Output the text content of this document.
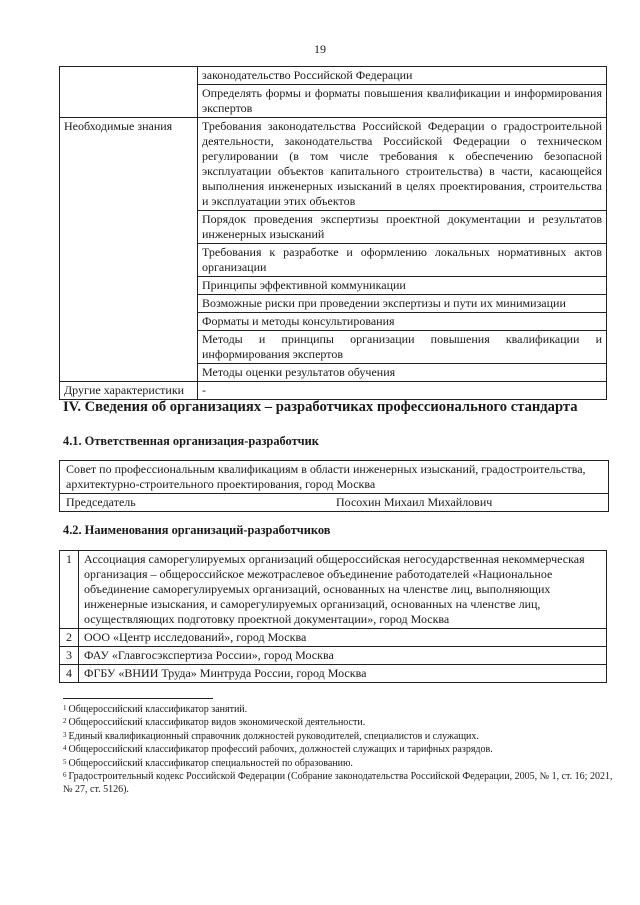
19
	законодательство Российской Федерации
	Определять формы и форматы повышения квалификации и информирования экспертов
Необходимые знания	Требования законодательства Российской Федерации о градостроительной деятельности, законодательства Российской Федерации о техническом регулировании (в том числе требования к обеспечению безопасной эксплуатации объектов капитального строительства) в части, касающейся выполнения инженерных изысканий в целях проектирования, строительства и эксплуатации этих объектов
	Порядок проведения экспертизы проектной документации и результатов инженерных изысканий
	Требования к разработке и оформлению локальных нормативных актов организации
	Принципы эффективной коммуникации
	Возможные риски при проведении экспертизы и пути их минимизации
	Форматы и методы консультирования
	Методы и принципы организации повышения квалификации и информирования экспертов
	Методы оценки результатов обучения
Другие характеристики	-
IV. Сведения об организациях – разработчиках профессионального стандарта
4.1. Ответственная организация-разработчик
Совет по профессиональным квалификациям в области инженерных изысканий, градостроительства, архитектурно-строительного проектирования, город Москва
Председатель	Посохин Михаил Михайлович
4.2. Наименования организаций-разработчиков
1	Ассоциация саморегулируемых организаций общероссийская негосударственная некоммерческая организация – общероссийское межотраслевое объединение работодателей «Национальное объединение саморегулируемых организаций, основанных на членстве лиц, выполняющих инженерные изыскания, и саморегулируемых организаций, основанных на членстве лиц, осуществляющих подготовку проектной документации», город Москва
2	ООО «Центр исследований», город Москва
3	ФАУ «Главгосэкспертиза России», город Москва
4	ФГБУ «ВНИИ Труда» Минтруда России, город Москва

$^1$ Общероссийский классификатор занятий.

$^2$ Общероссийский классификатор видов экономической деятельности.

$^3$ Единый квалификационный справочник должностей руководителей, специалистов и служащих.

$^4$ Общероссийский классификатор профессий рабочих, должностей служащих и тарифных разрядов.

$^5$ Общероссийский классификатор специальностей по образованию.

$^6$ Градостроительный кодекс Российской Федерации (Собрание законодательства Российской Федерации, 2005, № 1, ст. 16; 2021, № 27, ст. 5126).
